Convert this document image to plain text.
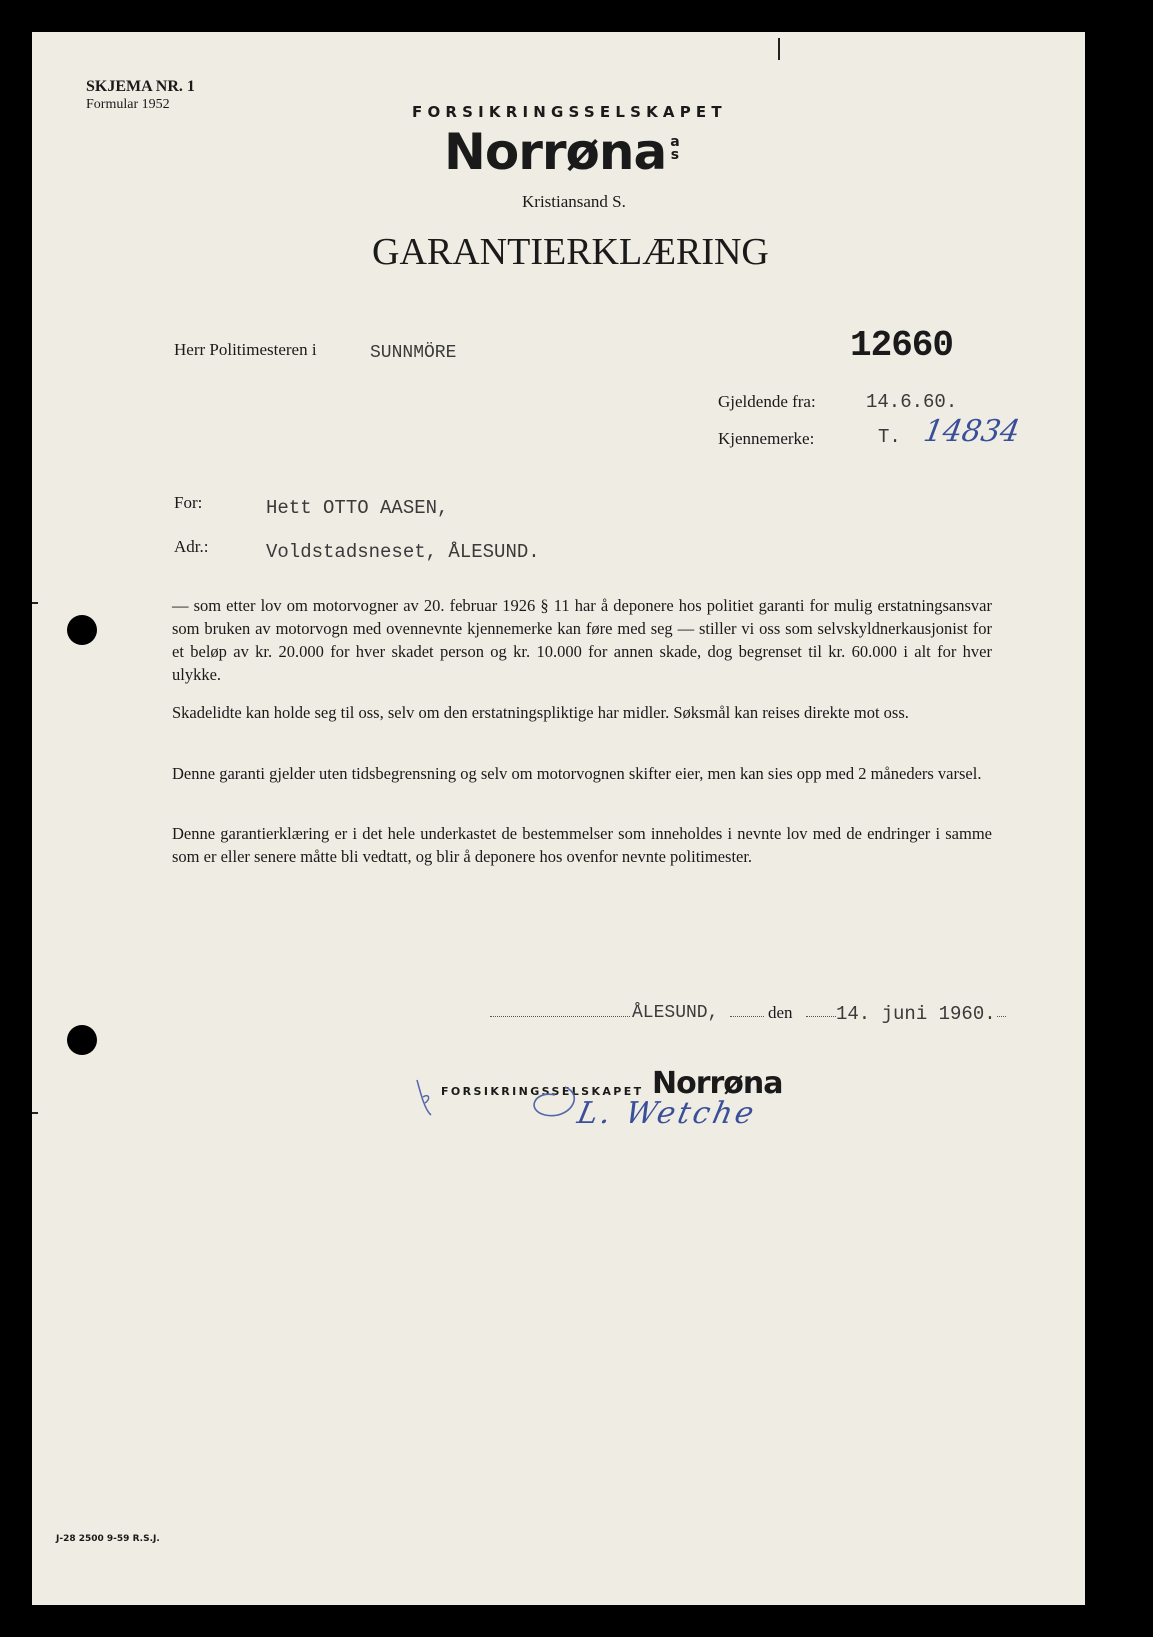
SKJEMA NR. 1
Formular 1952	FORSIKRINGSSELSKAPET
Norrøna a
s
Kristiansand S.
GARANTIERKLÆRING
Herr Politimesteren i	SUNNMÖRE	12660
Gjeldende fra:	14.6.60.
Kjennemerke:	T. 14834
For:	Hett OTTO AASEN,
Adr.:	Voldstadsneset, ÅLESUND.
— som etter lov om motorvogner av 20. februar 1926 § 11 har å deponere hos politiet garanti for mulig erstatningsansvar som bruken av motorvogn med ovennevnte kjennemerke kan føre med seg — stiller vi oss som selvskyldnerkausjonist for et beløp av kr. 20.000 for hver skadet person og kr. 10.000 for annen skade, dog begrenset til kr. 60.000 i alt for hver ulykke.
Skadelidte kan holde seg til oss, selv om den erstatningspliktige har midler. Søksmål kan reises direkte mot oss.
Denne garanti gjelder uten tidsbegrensning og selv om motorvognen skifter eier, men kan sies opp med 2 måneders varsel.
Denne garantierklæring er i det hele underkastet de bestemmelser som inneholdes i nevnte lov med de endringer i samme som er eller senere måtte bli vedtatt, og blir å deponere hos ovenfor nevnte politimester.
ÅLESUND,	den 14. juni 1960.
FORSIKRINGSSELSKAPET Norrøna
L. Wetche
J-28 2500 9-59 R.S.J.
